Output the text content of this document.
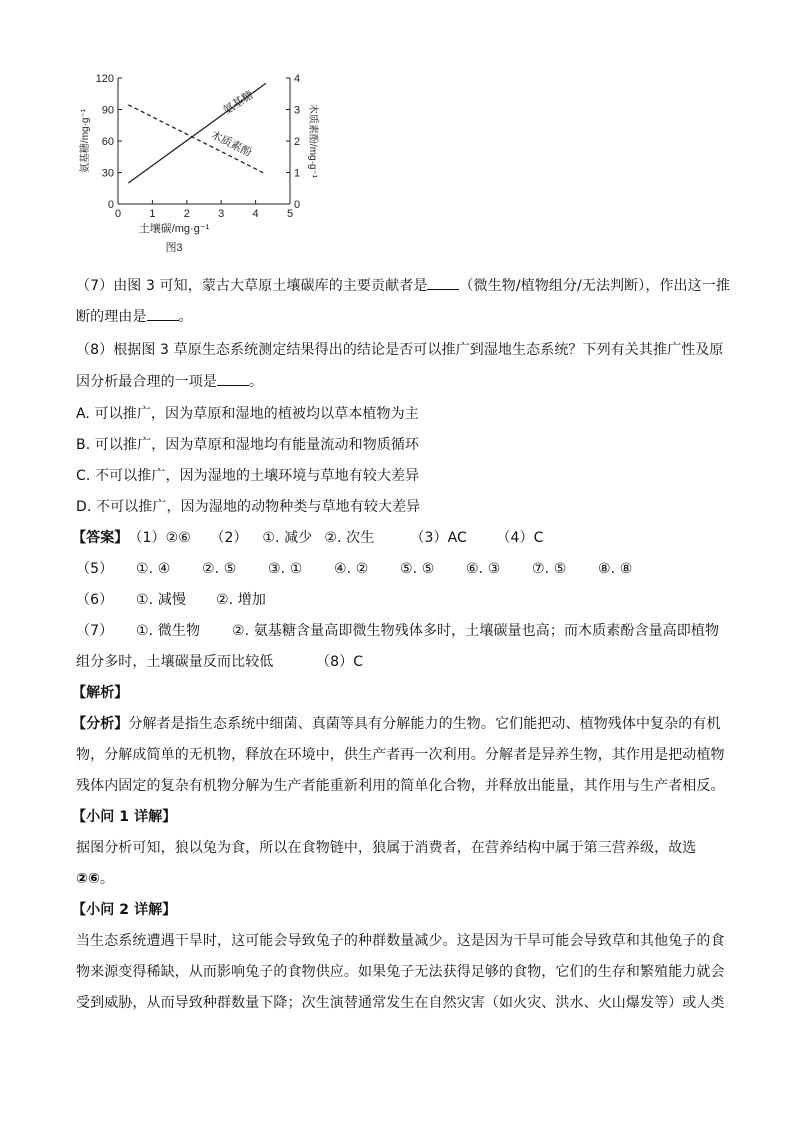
0
30
60
90
120
0
1
2
3
4
0	1	2	3	4	5
氨基糖/mg·g⁻¹	木质素酚/mg·g⁻¹
土壤碳/mg·g⁻¹
图3
氨基糖
木质素酚
（7）由图 3 可知，蒙古大草原土壤碳库的主要贡献者是 （微生物/植物组分/无法判断），作出这一推
断的理由是 。
（8）根据图 3 草原生态系统测定结果得出的结论是否可以推广到湿地生态系统？下列有关其推广性及原
因分析最合理的一项是 。
A. 可以推广，因为草原和湿地的植被均以草本植物为主
B. 可以推广，因为草原和湿地均有能量流动和物质循环
C. 不可以推广，因为湿地的土壤环境与草地有较大差异
D. 不可以推广，因为湿地的动物种类与草地有较大差异
【答案】（1）②⑥ （2） ①. 减少 ②. 次生	（3）AC （4）C
（5） ①. ④ ②. ⑤ ③. ① ④. ② ⑤. ⑤ ⑥. ③ ⑦. ⑤ ⑧. ⑧
（6） ①. 减慢 ②. 增加
（7） ①. 微生物 ②. 氨基糖含量高即微生物残体多时，土壤碳量也高；而木质素酚含量高即植物
组分多时，土壤碳量反而比较低	（8）C
【解析】
【分析】分解者是指生态系统中细菌、真菌等具有分解能力的生物。它们能把动、植物残体中复杂的有机
物，分解成简单的无机物，释放在环境中，供生产者再一次利用。分解者是异养生物，其作用是把动植物
残体内固定的复杂有机物分解为生产者能重新利用的简单化合物，并释放出能量，其作用与生产者相反。
【小问 1 详解】
据图分析可知，狼以兔为食，所以在食物链中，狼属于消费者，在营养结构中属于第三营养级，故选
②⑥。
【小问 2 详解】
当生态系统遭遇干旱时，这可能会导致兔子的种群数量减少。这是因为干旱可能会导致草和其他兔子的食
物来源变得稀缺，从而影响兔子的食物供应。如果兔子无法获得足够的食物，它们的生存和繁殖能力就会
受到威胁，从而导致种群数量下降；次生演替通常发生在自然灾害（如火灾、洪水、火山爆发等）或人类
